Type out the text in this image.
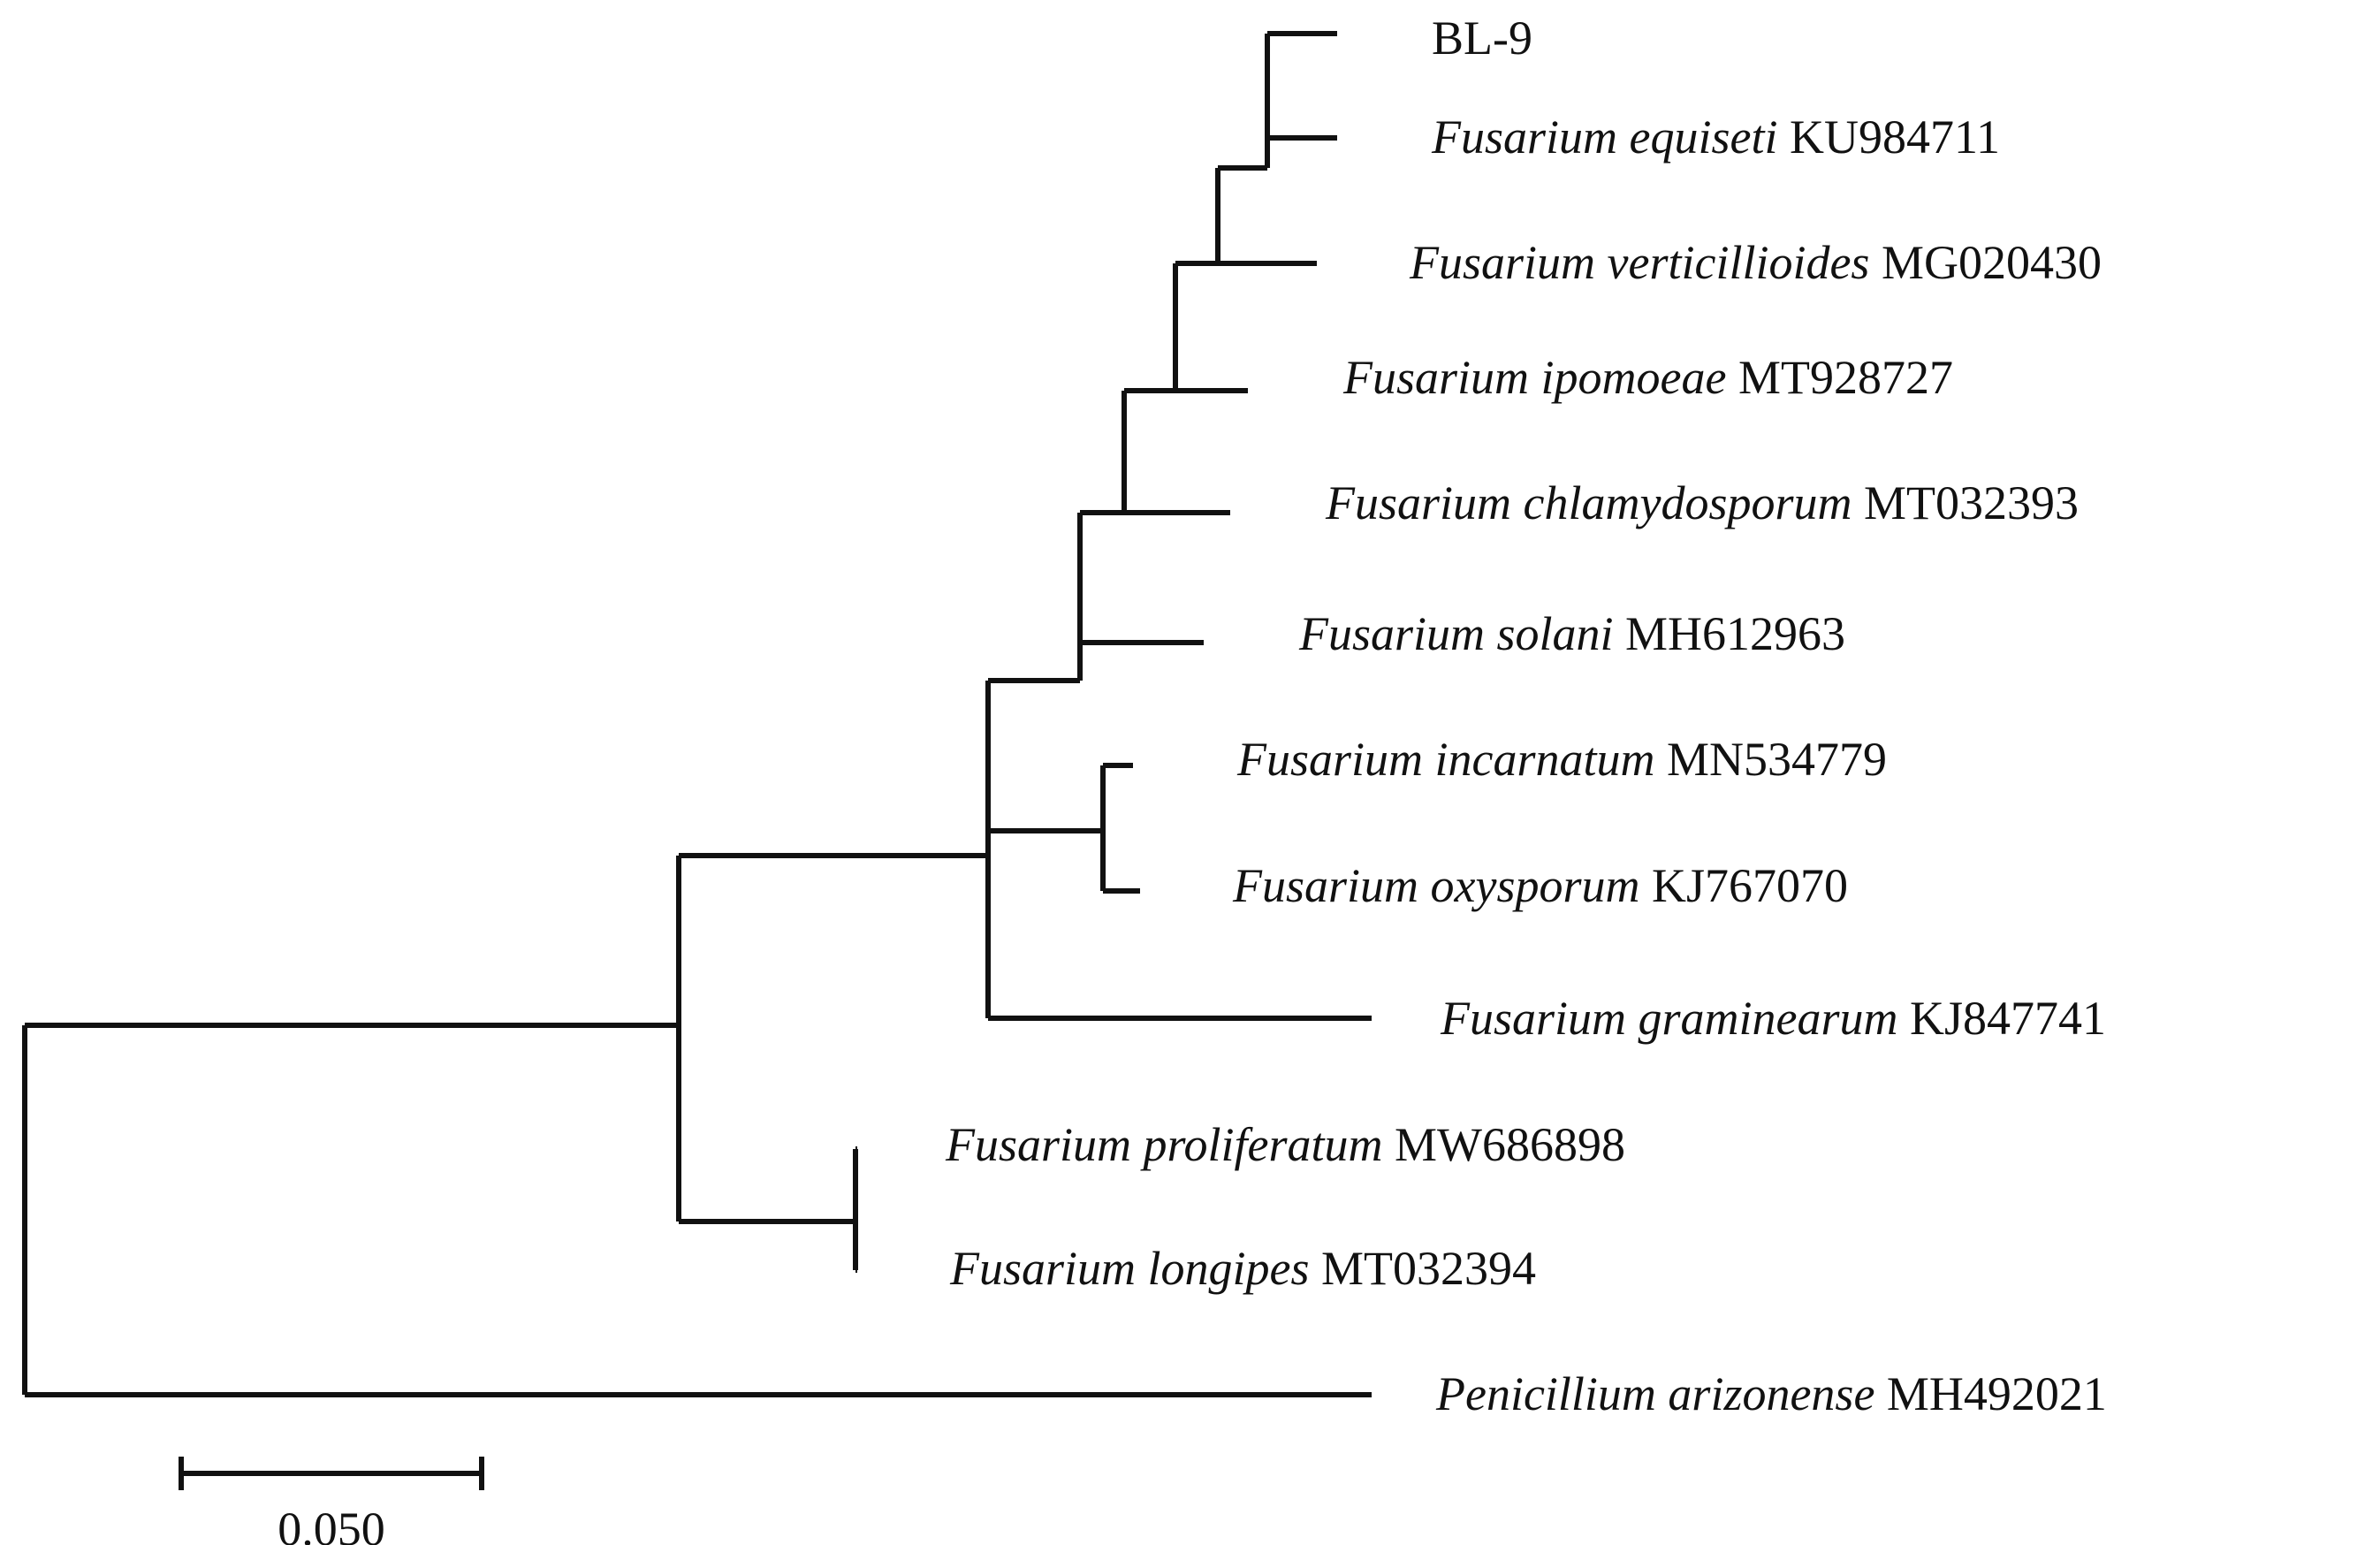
BL-9
Fusarium equiseti KU984711
Fusarium verticillioides MG020430
Fusarium ipomoeae MT928727
Fusarium chlamydosporum MT032393
Fusarium solani MH612963
Fusarium incarnatum MN534779
Fusarium oxysporum KJ767070
Fusarium graminearum KJ847741
Fusarium proliferatum MW686898
Fusarium longipes MT032394
Penicillium arizonense MH492021
0.050
